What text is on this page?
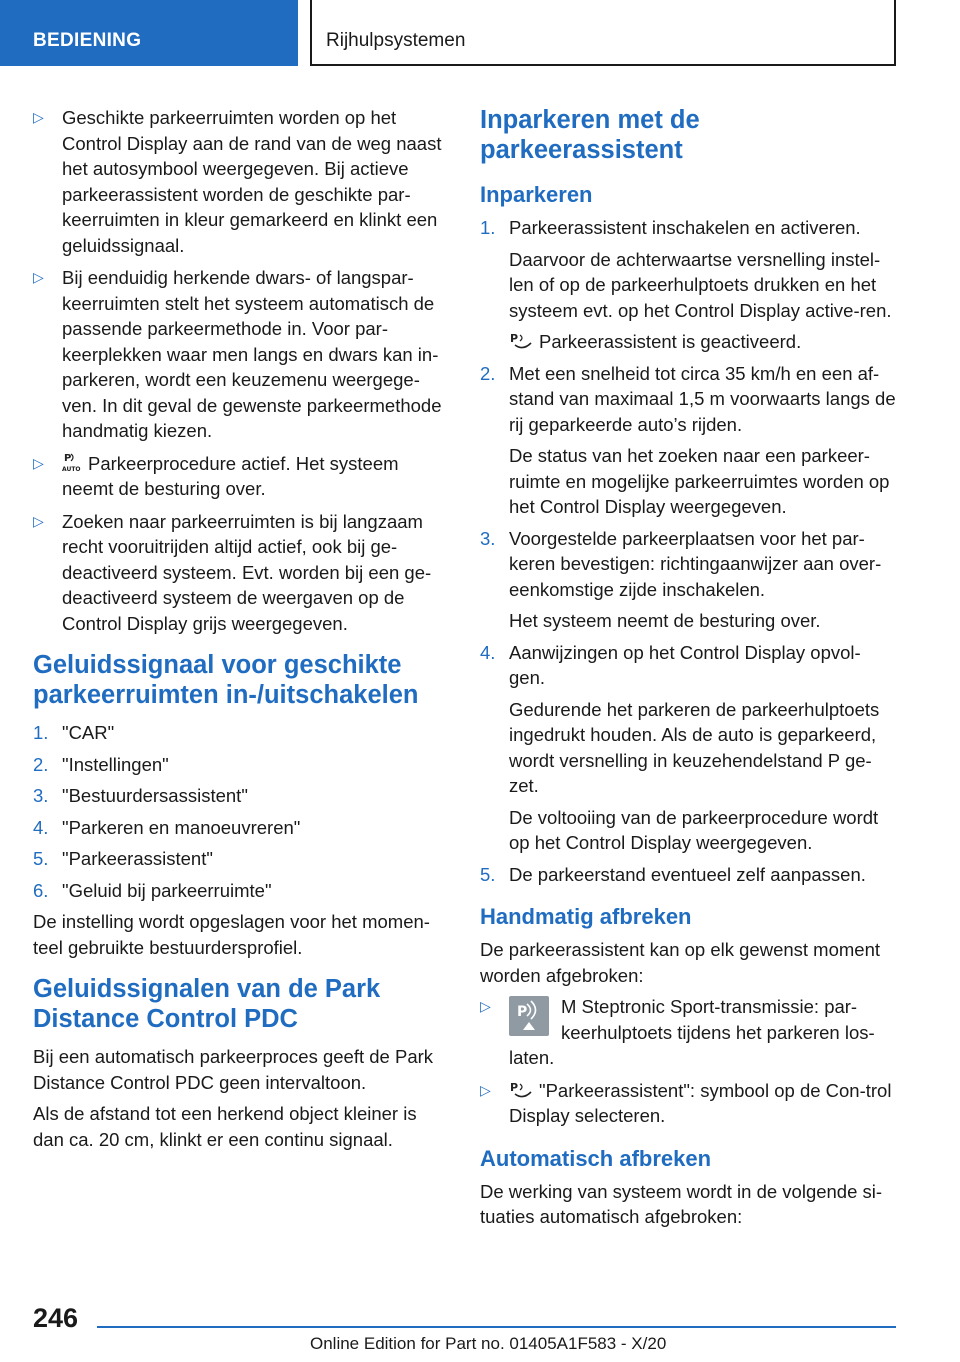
BEDIENING	Rijhulpsystemen
▷ Geschikte parkeerruimten worden op het Control Display aan de rand van de weg naast het autosymbool weergegeven. Bij actieve parkeerassistent worden de geschikte par-keerruimten in kleur gemarkeerd en klinkt een geluidssignaal.
▷ Bij eenduidig herkende dwars- of langspar-keerruimten stelt het systeem automatisch de passende parkeermethode in. Voor par-keerplekken waar men langs en dwars kan in-parkeren, wordt een keuzemenu weergege-ven. In dit geval de gewenste parkeermethode handmatig kiezen.
▷ P
AUTO Parkeerprocedure actief. Het systeem neemt de besturing over.
▷ Zoeken naar parkeerruimten is bij langzaam recht vooruitrijden altijd actief, ook bij ge-deactiveerd systeem. Evt. worden bij een ge-deactiveerd systeem de weergaven op de Control Display grijs weergegeven.
Geluidssignaal voor geschikte parkeerruimten in-/uitschakelen
1. "CAR"
2. "Instellingen"
3. "Bestuurdersassistent"
4. "Parkeren en manoeuvreren"
5. "Parkeerassistent"
6. "Geluid bij parkeerruimte"
De instelling wordt opgeslagen voor het momen-teel gebruikte bestuurdersprofiel.
Geluidssignalen van de Park Distance Control PDC
Bij een automatisch parkeerproces geeft de Park Distance Control PDC geen intervaltoon.
Als de afstand tot een herkend object kleiner is dan ca. 20 cm, klinkt er een continu signaal.
Inparkeren met de parkeerassistent
Inparkeren
1. Parkeerassistent inschakelen en activeren.
Daarvoor de achterwaartse versnelling instel-len of op de parkeerhulptoets drukken en het systeem evt. op het Control Display active-ren.
P Parkeerassistent is geactiveerd.
2. Met een snelheid tot circa 35 km/h en een af-stand van maximaal 1,5 m voorwaarts langs de rij geparkeerde auto’s rijden.
De status van het zoeken naar een parkeer-ruimte en mogelijke parkeerruimtes worden op het Control Display weergegeven.
3. Voorgestelde parkeerplaatsen voor het par-keren bevestigen: richtingaanwijzer aan over-eenkomstige zijde inschakelen.
Het systeem neemt de besturing over.
4. Aanwijzingen op het Control Display opvol-gen.
Gedurende het parkeren de parkeerhulptoets ingedrukt houden. Als de auto is geparkeerd, wordt versnelling in keuzehendelstand P ge-zet.
De voltooiing van de parkeerprocedure wordt op het Control Display weergegeven.
5. De parkeerstand eventueel zelf aanpassen.
Handmatig afbreken
De parkeerassistent kan op elk gewenst moment worden afgebroken:
▷ P M Steptronic Sport-transmissie: par-keerhulptoets tijdens het parkeren los-laten.
▷ P "Parkeerassistent": symbool op de Con-trol Display selecteren.
Automatisch afbreken
De werking van systeem wordt in de volgende si-tuaties automatisch afgebroken:
246
Online Edition for Part no. 01405A1F583 - X/20
